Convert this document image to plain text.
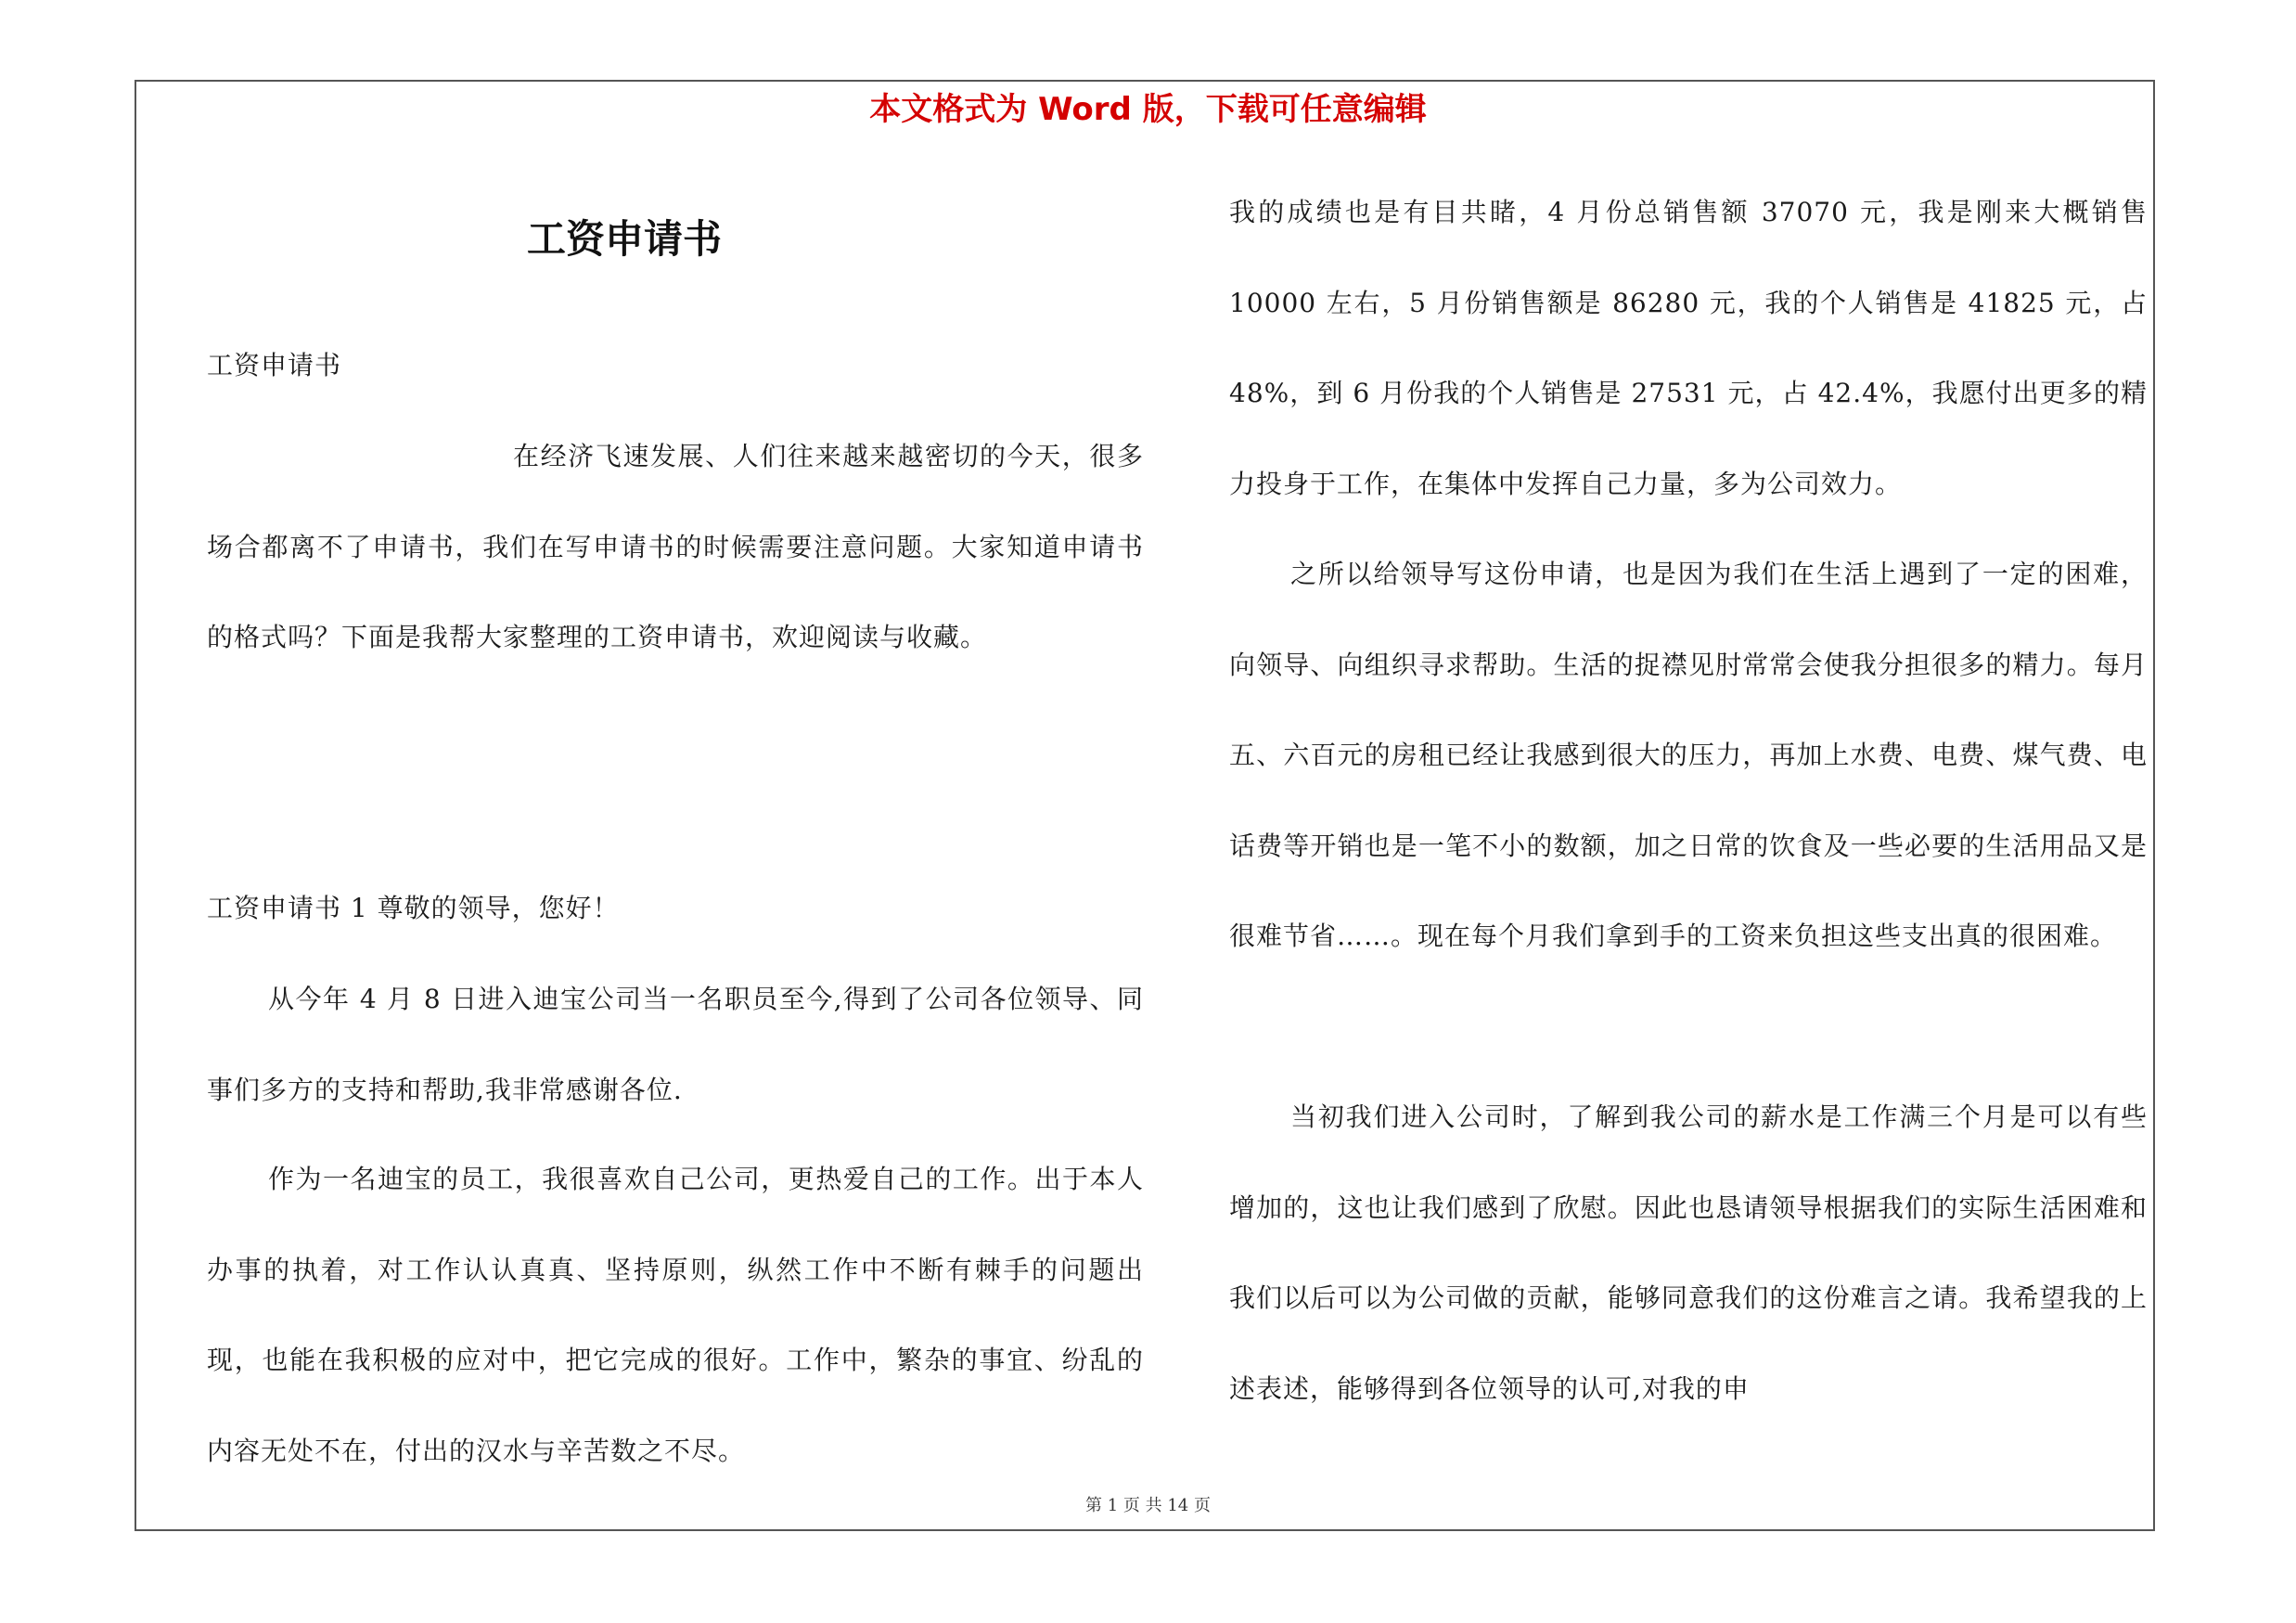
本文格式为 Word 版，下载可任意编辑
工资申请书
工资申请书
在经济飞速发展、人们往来越来越密切的今天，很多场合都离不了申请书，我们在写申请书的时候需要注意问题。大家知道申请书的格式吗？下面是我帮大家整理的工资申请书，欢迎阅读与收藏。
工资申请书 1 尊敬的领导，您好！
从今年 4 月 8 日进入迪宝公司当一名职员至今,得到了公司各位领导、同事们多方的支持和帮助,我非常感谢各位.
作为一名迪宝的员工，我很喜欢自己公司，更热爱自己的工作。出于本人办事的执着，对工作认认真真、坚持原则，纵然工作中不断有棘手的问题出现，也能在我积极的应对中，把它完成的很好。工作中，繁杂的事宜、纷乱的内容无处不在，付出的汉水与辛苦数之不尽。
我的成绩也是有目共睹，4 月份总销售额 37070 元，我是刚来大概销售 10000 左右，5 月份销售额是 86280 元，我的个人销售是 41825 元，占 48%，到 6 月份我的个人销售是 27531 元，占 42.4%，我愿付出更多的精力投身于工作，在集体中发挥自己力量，多为公司效力。
之所以给领导写这份申请，也是因为我们在生活上遇到了一定的困难，向领导、向组织寻求帮助。生活的捉襟见肘常常会使我分担很多的精力。每月五、六百元的房租已经让我感到很大的压力，再加上水费、电费、煤气费、电话费等开销也是一笔不小的数额，加之日常的饮食及一些必要的生活用品又是很难节省……。现在每个月我们拿到手的工资来负担这些支出真的很困难。
当初我们进入公司时，了解到我公司的薪水是工作满三个月是可以有些增加的，这也让我们感到了欣慰。因此也恳请领导根据我们的实际生活困难和我们以后可以为公司做的贡献，能够同意我们的这份难言之请。我希望我的上述表述，能够得到各位领导的认可,对我的申
第 1 页 共 14 页
